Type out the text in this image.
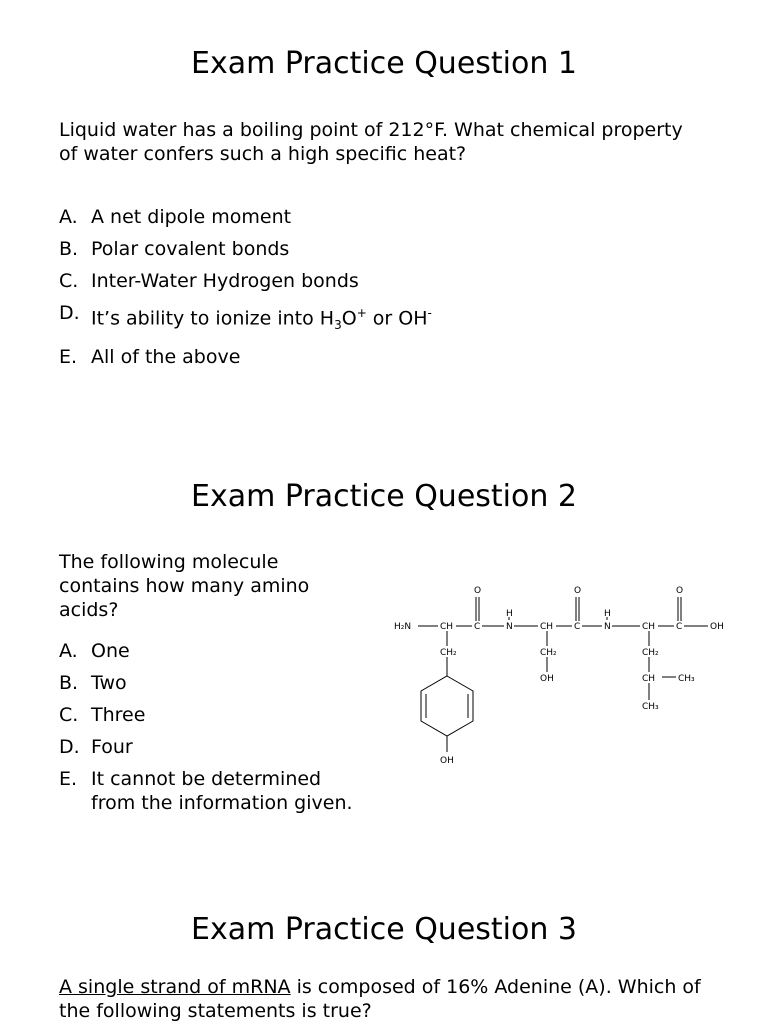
Exam Practice Question 1

Liquid water has a boiling point of 212°F. What chemical property of water confers such a high specific heat?

A. A net dipole moment
B. Polar covalent bonds
C. Inter-Water Hydrogen bonds
D. It’s ability to ionize into $H_3O^+$ or OH-
E. All of the above
Exam Practice Question 2

The following molecule contains how many amino acids?

A. One
B. Two
C. Three
D. Four
E. It cannot be determined from the information given.
H₂N	CH C
O
H
N	CH C
O
H
N	CH C
O
OH
CH₂
OH
CH₂
OH
CH₂
CH	CH₃
CH₃
Exam Practice Question 3

A single strand of mRNA is composed of 16% Adenine (A). Which of the following statements is true?
